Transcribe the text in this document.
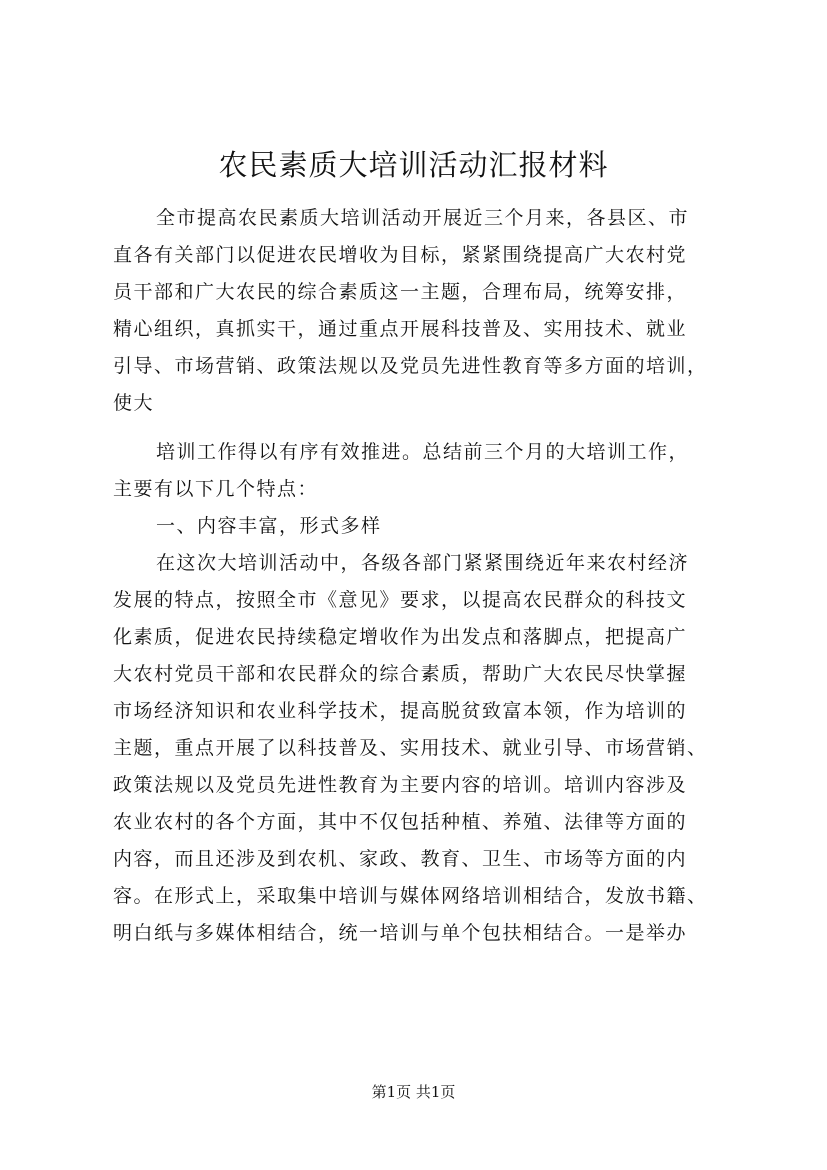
农民素质大培训活动汇报材料
全市提高农民素质大培训活动开展近三个月来，各县区、市
直各有关部门以促进农民增收为目标，紧紧围绕提高广大农村党
员干部和广大农民的综合素质这一主题，合理布局，统筹安排，
精心组织，真抓实干，通过重点开展科技普及、实用技术、就业
引导、市场营销、政策法规以及党员先进性教育等多方面的培训，
使大
培训工作得以有序有效推进。总结前三个月的大培训工作，
主要有以下几个特点：
一、内容丰富，形式多样
在这次大培训活动中，各级各部门紧紧围绕近年来农村经济
发展的特点，按照全市《意见》要求，以提高农民群众的科技文
化素质，促进农民持续稳定增收作为出发点和落脚点，把提高广
大农村党员干部和农民群众的综合素质，帮助广大农民尽快掌握
市场经济知识和农业科学技术，提高脱贫致富本领，作为培训的
主题，重点开展了以科技普及、实用技术、就业引导、市场营销、
政策法规以及党员先进性教育为主要内容的培训。培训内容涉及
农业农村的各个方面，其中不仅包括种植、养殖、法律等方面的
内容，而且还涉及到农机、家政、教育、卫生、市场等方面的内
容。在形式上，采取集中培训与媒体网络培训相结合，发放书籍、
明白纸与多媒体相结合，统一培训与单个包扶相结合。一是举办
第1页 共1页
